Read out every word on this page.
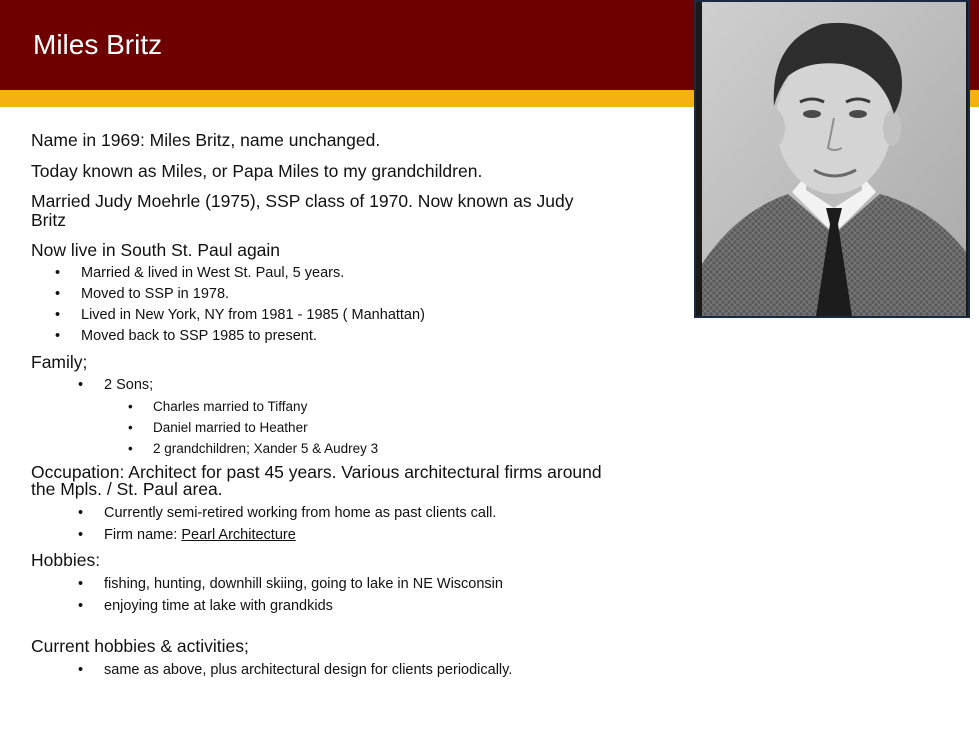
Miles Britz

Name in 1969: Miles Britz, name unchanged.

Today known as Miles, or Papa Miles to my grandchildren.

Married Judy Moehrle (1975), SSP class of 1970. Now known as Judy Britz

Now live in South St. Paul again

• Married & lived in West St. Paul, 5 years.
• Moved to SSP in 1978.
• Lived in New York, NY from 1981 - 1985 ( Manhattan)
• Moved back to SSP 1985 to present.

Family;

• 2 Sons;
• Charles married to Tiffany
• Daniel married to Heather
• 2 grandchildren; Xander 5 & Audrey 3

Occupation: Architect for past 45 years. Various architectural firms around the Mpls. / St. Paul area.

• Currently semi-retired working from home as past clients call.
• Firm name: Pearl Architecture

Hobbies:

• fishing, hunting, downhill skiing, going to lake in NE Wisconsin
• enjoying time at lake with grandkids

Current hobbies & activities;

• same as above, plus architectural design for clients periodically.
